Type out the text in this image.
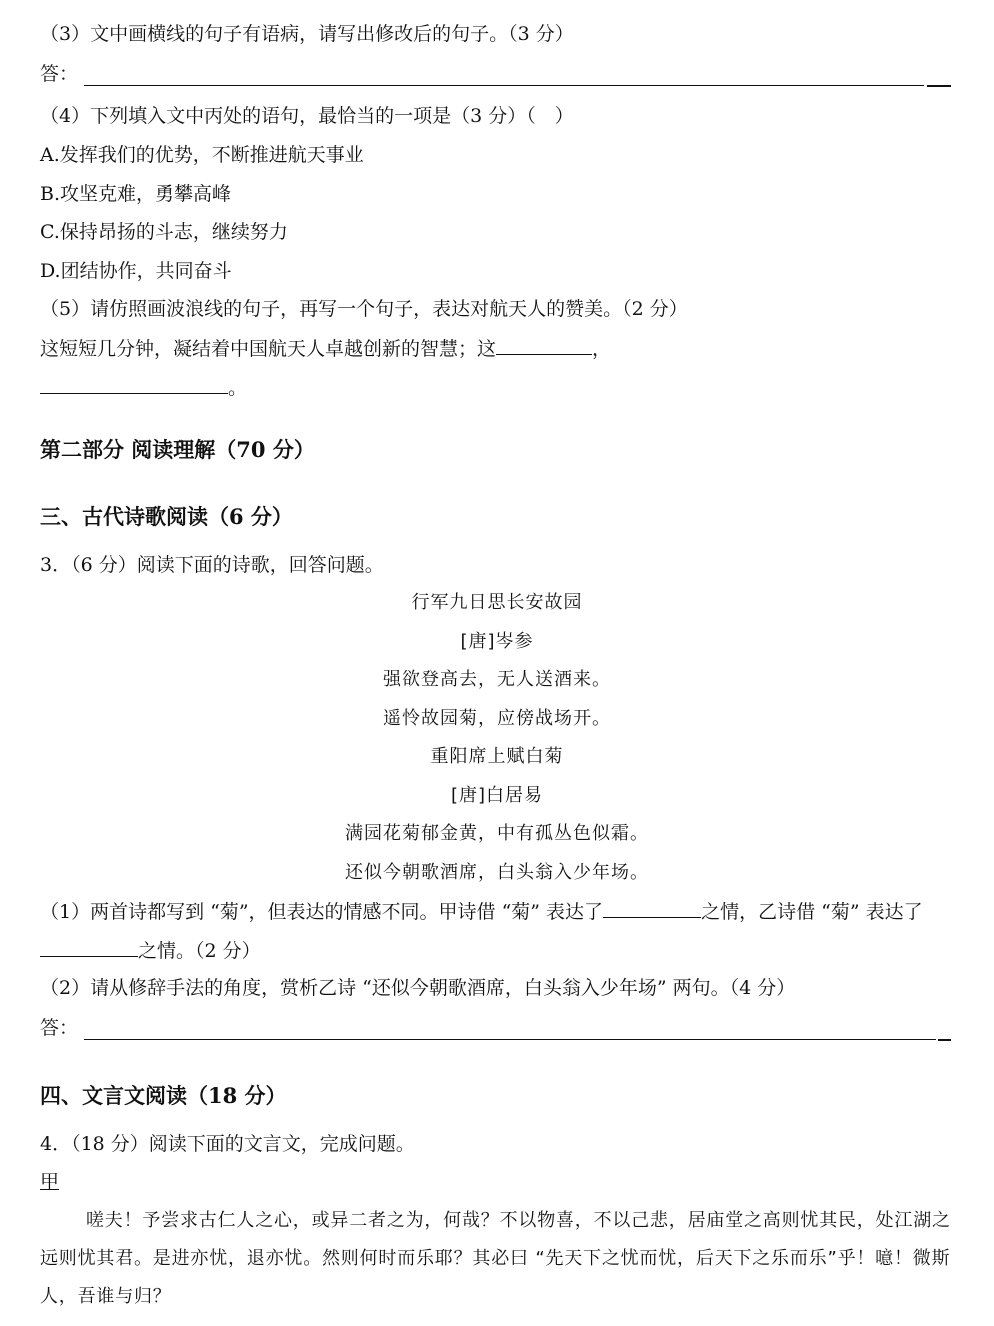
（3）文中画横线的句子有语病，请写出修改后的句子。（3 分）
答：
（4）下列填入文中丙处的语句，最恰当的一项是（3 分）（　）
A.发挥我们的优势，不断推进航天事业
B.攻坚克难，勇攀高峰
C.保持昂扬的斗志，继续努力
D.团结协作，共同奋斗
（5）请仿照画波浪线的句子，再写一个句子，表达对航天人的赞美。（2 分）
这短短几分钟，凝结着中国航天人卓越创新的智慧；这	，
。
第二部分 阅读理解（70 分）
三、古代诗歌阅读（6 分）
3．（6 分）阅读下面的诗歌，回答问题。
行军九日思长安故园
[唐]岑参
强欲登高去，无人送酒来。
遥怜故园菊，应傍战场开。
重阳席上赋白菊
[唐]白居易
满园花菊郁金黄，中有孤丛色似霜。
还似今朝歌酒席，白头翁入少年场。
（1）两首诗都写到 “菊”，但表达的情感不同。甲诗借 “菊” 表达了	之情，乙诗借 “菊” 表达了
之情。（2 分）
（2）请从修辞手法的角度，赏析乙诗 “还似今朝歌酒席，白头翁入少年场” 两句。（4 分）
答：
四、文言文阅读（18 分）
4．（18 分）阅读下面的文言文，完成问题。
甲
嗟夫！予尝求古仁人之心，或异二者之为，何哉？不以物喜，不以己悲，居庙堂之高则忧其民，处江湖之远则忧其君。是进亦忧，退亦忧。然则何时而乐耶？其必曰 “先天下之忧而忧，后天下之乐而乐”乎！噫！微斯人，吾谁与归？
